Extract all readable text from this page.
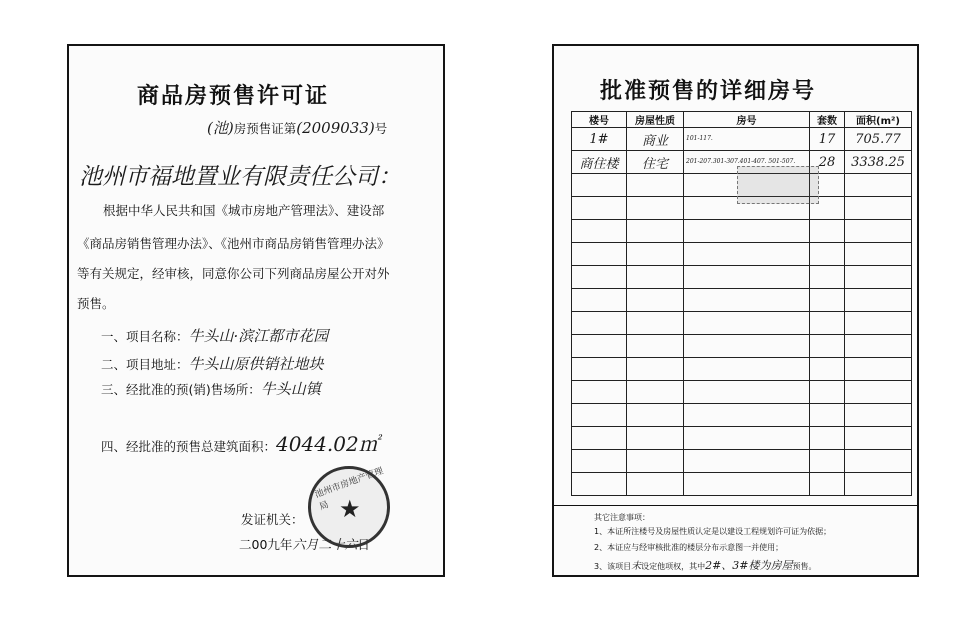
商品房预售许可证
(池)房预售证第(2009033)号
池州市福地置业有限责任公司：
根据中华人民共和国《城市房地产管理法》、建设部
《商品房销售管理办法》、《池州市商品房销售管理办法》
等有关规定，经审核，同意你公司下列商品房屋公开对外
预售。
一、项目名称：牛头山·滨江都市花园
二、项目地址：牛头山原供销社地块
三、经批准的预(销)售场所：牛头山镇
四、经批准的预售总建筑面积：4044.02㎡
发证机关：
二00九年六月二十六日
池州市房地产管理局 ★
批准预售的详细房号
楼号	房屋性质	房号	套数	面积(m²)
1#	商业	101-117.	17	705.77
商住楼	住宅	201-207.301-307.401-407. 501-507.	28	3338.25

其它注意事项：
1、本证所注楼号及房屋性质认定是以建设工程规划许可证为依据；
2、本证应与经审核批准的楼层分布示意图一并使用；
3、该项目未设定他项权，其中2#、3#楼为房屋预售。
